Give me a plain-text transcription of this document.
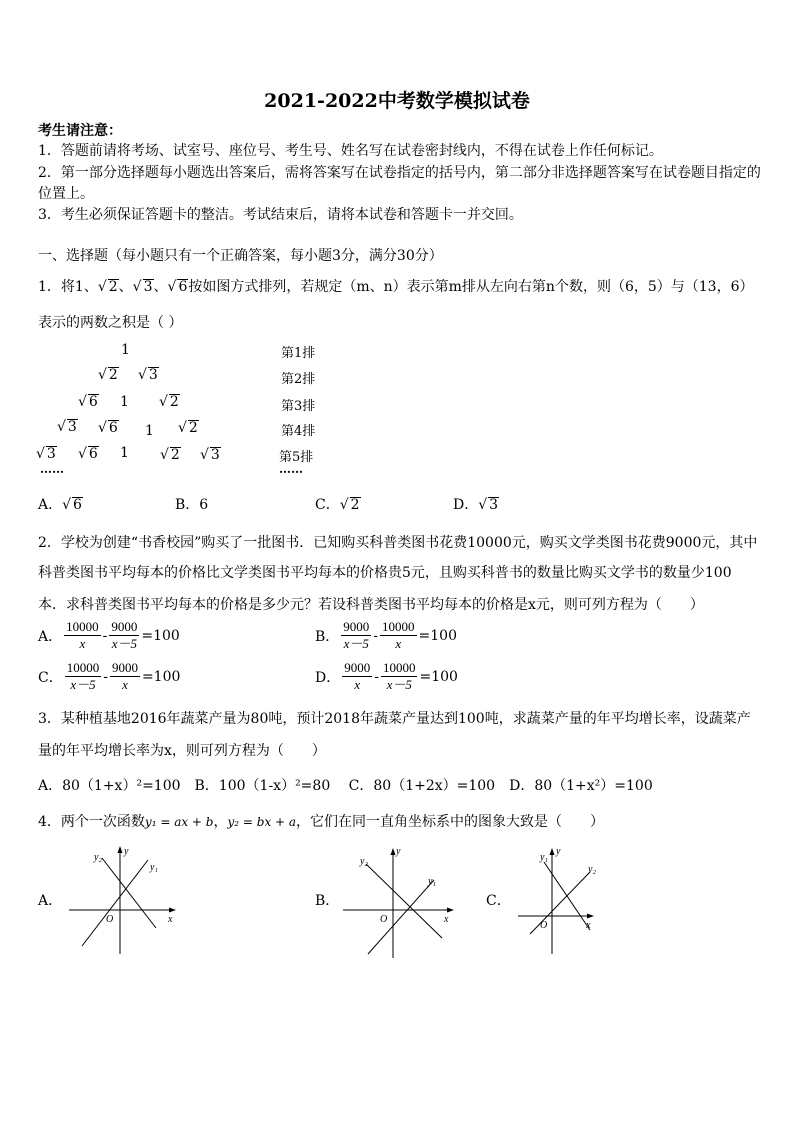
2021-2022中考数学模拟试卷
考生请注意：
1．答题前请将考场、试室号、座位号、考生号、姓名写在试卷密封线内，不得在试卷上作任何标记。
2．第一部分选择题每小题选出答案后，需将答案写在试卷指定的括号内，第二部分非选择题答案写在试卷题目指定的
位置上。
3．考生必须保证答题卡的整洁。考试结束后，请将本试卷和答题卡一并交回。
一、选择题（每小题只有一个正确答案，每小题3分，满分30分）
1．将1、√ 2、√ 3、√ 6按如图方式排列，若规定（m、n）表示第m排从左向右第n个数，则（6，5）与（13，6）
表示的两数之积是（ ）
1
√ 2 √ 3
√ 6 1 √ 2
√ 3 √ 6 1 √ 2
√ 3 √ 6 1 √ 2 √ 3
……
第1排
第2排
第3排
第4排
第5排
……
A．√ 6	B．6	C．√ 2	D．√ 3
2．学校为创建“书香校园”购买了一批图书．已知购买科普类图书花费10000元，购买文学类图书花费9000元，其中
科普类图书平均每本的价格比文学类图书平均每本的价格贵5元，且购买科普书的数量比购买文学书的数量少100
本．求科普类图书平均每本的价格是多少元？若设科普类图书平均每本的价格是x元，则可列方程为（　　）
A． $\frac{10000}{x} - \frac{9000}{x-5} =100$	B． $\frac{9000}{x-5} - \frac{10000}{x} =100$
C． $\frac{10000}{x-5} - \frac{9000}{x} =100$	D． $\frac{9000}{x} - \frac{10000}{x-5} =100$
3．某种植基地2016年蔬菜产量为80吨，预计2018年蔬菜产量达到100吨，求蔬菜产量的年平均增长率，设蔬菜产
量的年平均增长率为x，则可列方程为（　　）
A．80（1+x）²=100　B．100（1-x）²=80　 C．80（1+2x）=100　D．80（1+x²）=100
4．两个一次函数y₁ = ax + b，y₂ = bx + a，它们在同一直角坐标系中的图象大致是（　　）
A．	B．	C．
y₂
y
y₁
O	x
y₂
y
y₁
O	x
y₁
y
y₂
O	x
